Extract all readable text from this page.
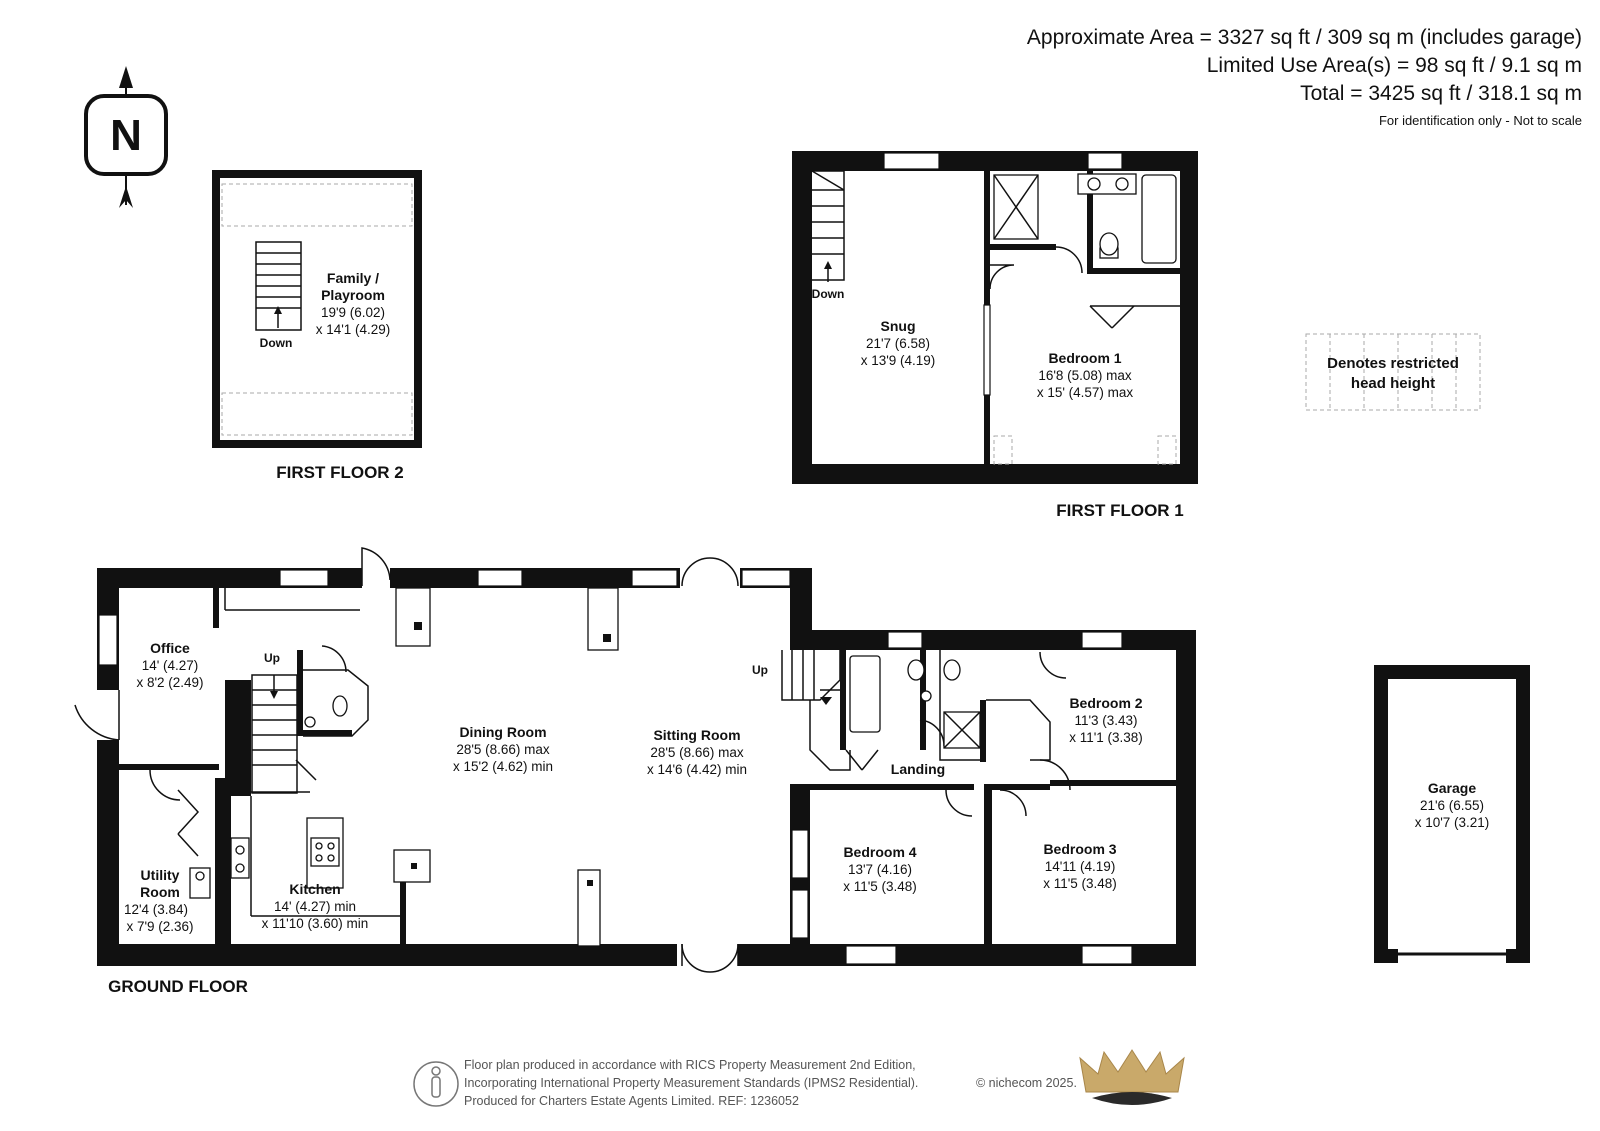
Approximate Area = 3327 sq ft / 309 sq m (includes garage)
Limited Use Area(s) = 98 sq ft / 9.1 sq m
Total = 3425 sq ft / 318.1 sq m
For identification only - Not to scale
N
Down
Family /
Playroom
19'9 (6.02)
x 14'1 (4.29)
FIRST FLOOR 2
Down
Snug
21'7 (6.58)
x 13'9 (4.19)	Bedroom 1
16'8 (5.08) max
x 15' (4.57) max
FIRST FLOOR 1
Denotes restricted
head height
Up
Up
Office
14' (4.27)
x 8'2 (2.49)
Dining Room
28'5 (8.66) max
x 15'2 (4.62) min
Sitting Room
28'5 (8.66) max
x 14'6 (4.42) min
Bedroom 2
11'3 (3.43)
x 11'1 (3.38)
Landing
Bedroom 4
13'7 (4.16)
x 11'5 (3.48)
Bedroom 3
14'11 (4.19)
x 11'5 (3.48)
Utility
Room
12'4 (3.84)
x 7'9 (2.36)
Kitchen
14' (4.27) min
x 11'10 (3.60) min
GROUND FLOOR
Garage
21'6 (6.55)
x 10'7 (3.21)
Floor plan produced in accordance with RICS Property Measurement 2nd Edition,
Incorporating International Property Measurement Standards (IPMS2 Residential).
Produced for Charters Estate Agents Limited. REF: 1236052
© nichecom 2025.
